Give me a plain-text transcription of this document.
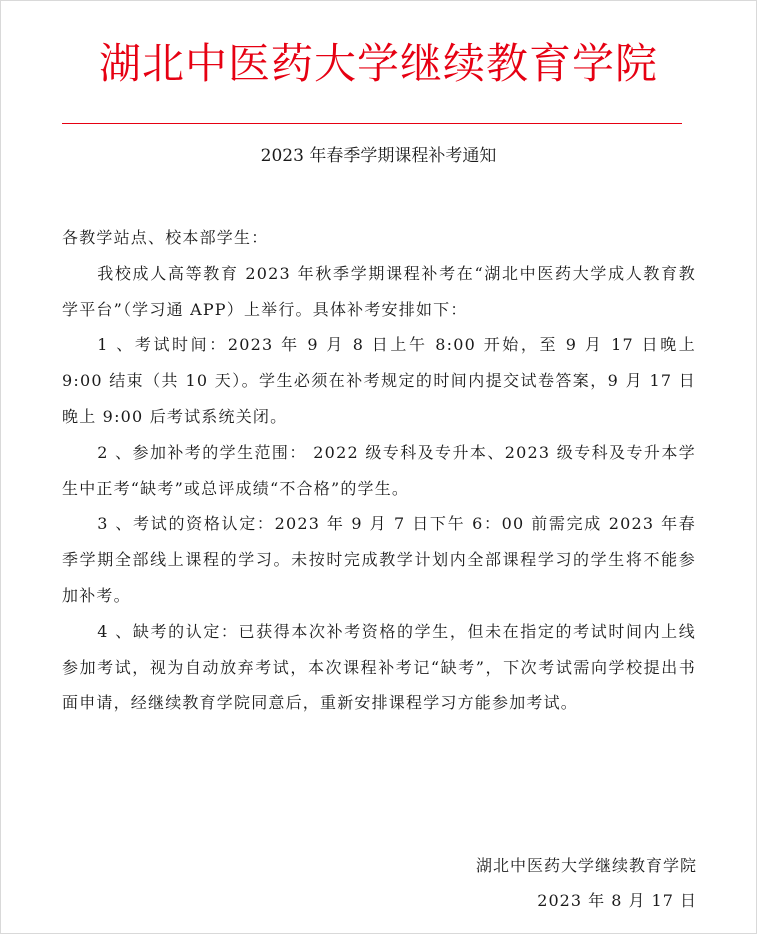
湖北中医药大学继续教育学院
2023 年春季学期课程补考通知

各教学站点、校本部学生：

我校成人高等教育 2023 年秋季学期课程补考在“湖北中医药大学成人教育教学平台”（学习通 APP）上举行。具体补考安排如下：

1 、考试时间：2023 年 9 月 8 日上午 8:00 开始，至 9 月 17 日晚上 9:00 结束（共 10 天）。学生必须在补考规定的时间内提交试卷答案，9 月 17 日晚上 9:00 后考试系统关闭。

2 、参加补考的学生范围： 2022 级专科及专升本、2023 级专科及专升本学生中正考“缺考”或总评成绩“不合格”的学生。

3 、考试的资格认定：2023 年 9 月 7 日下午 6：00 前需完成 2023 年春季学期全部线上课程的学习。未按时完成教学计划内全部课程学习的学生将不能参加补考。

4 、缺考的认定：已获得本次补考资格的学生，但未在指定的考试时间内上线参加考试，视为自动放弃考试，本次课程补考记“缺考”，下次考试需向学校提出书面申请，经继续教育学院同意后，重新安排课程学习方能参加考试。

湖北中医药大学继续教育学院
2023 年 8 月 17 日
